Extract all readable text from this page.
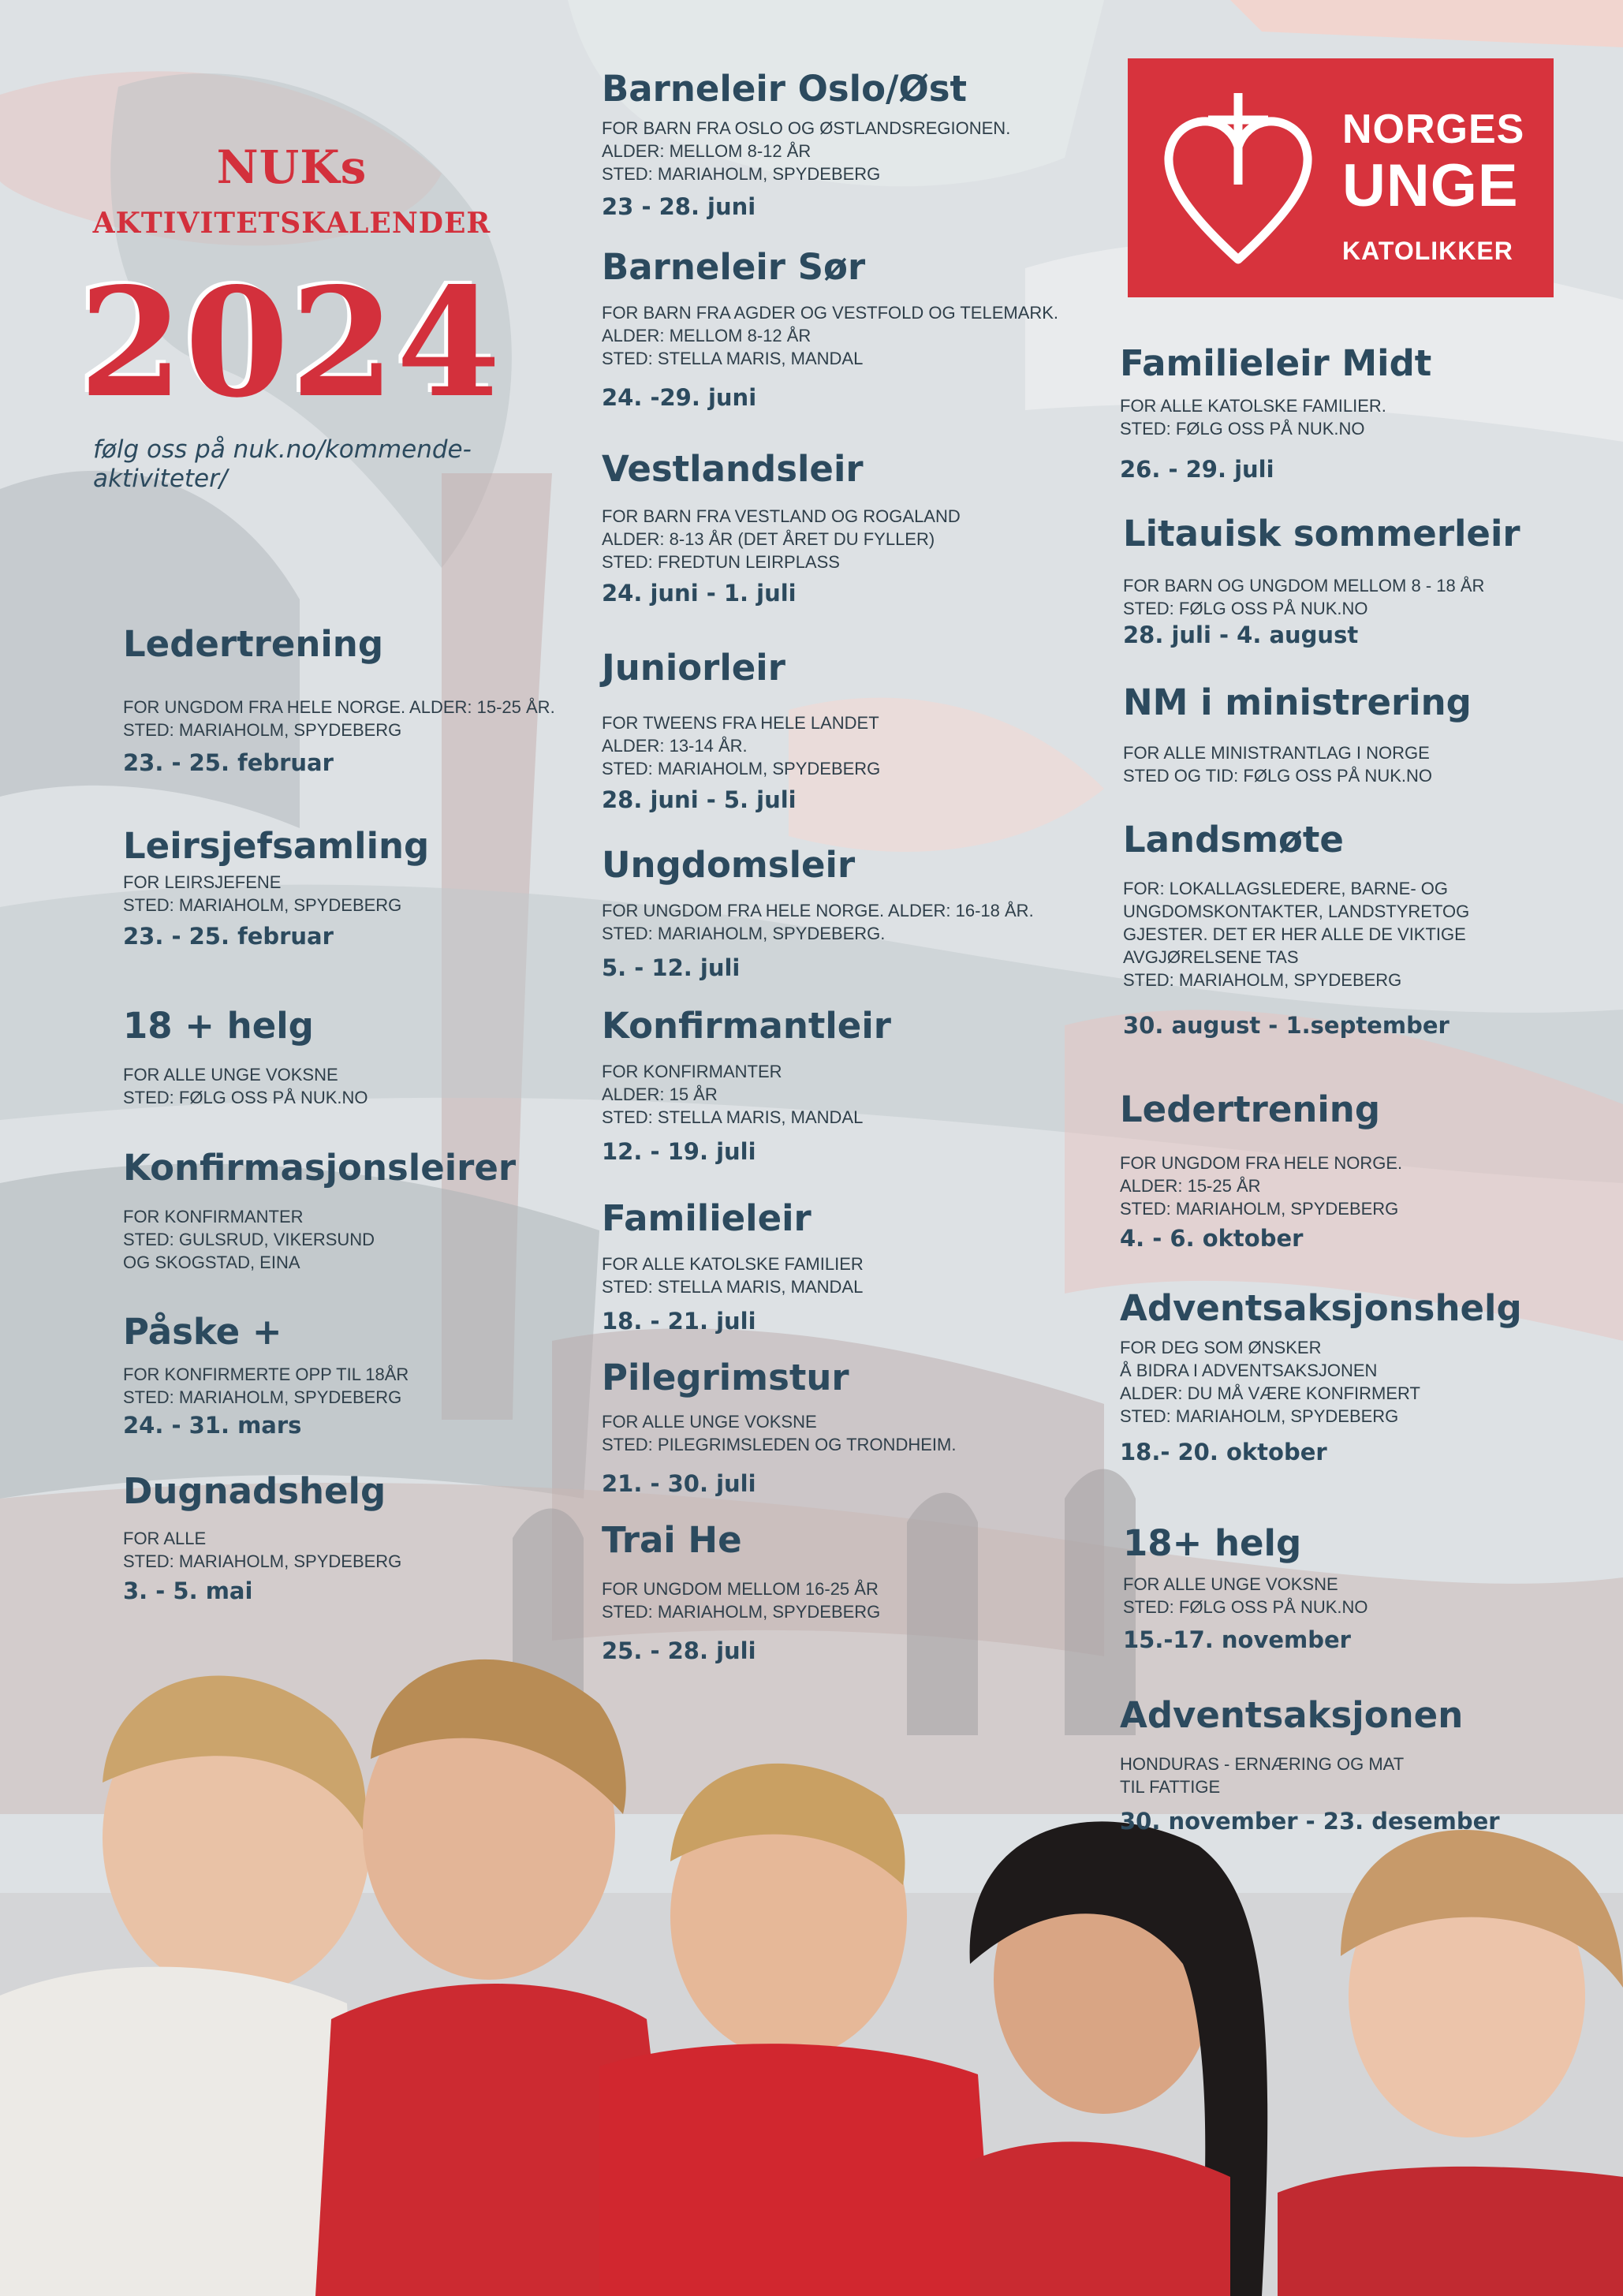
NUKs
AKTIVITETSKALENDER
2024
følg oss på nuk.no/kommende-aktiviteter/
NORGES
UNGE
KATOLIKKER
Ledertrening
FOR UNGDOM FRA HELE NORGE. ALDER: 15-25 ÅR.
STED: MARIAHOLM, SPYDEBERG
23. - 25. februar
Leirsjefsamling
FOR LEIRSJEFENE
STED: MARIAHOLM, SPYDEBERG
23. - 25. februar
18 + helg
FOR ALLE UNGE VOKSNE
STED: FØLG OSS PÅ NUK.NO
Konfirmasjonsleirer
FOR KONFIRMANTER
STED: GULSRUD, VIKERSUND
OG SKOGSTAD, EINA
Påske +
FOR KONFIRMERTE OPP TIL 18ÅR
STED: MARIAHOLM, SPYDEBERG
24. - 31. mars
Dugnadshelg
FOR ALLE
STED: MARIAHOLM, SPYDEBERG
3. - 5. mai
Barneleir Oslo/Øst
FOR BARN FRA OSLO OG ØSTLANDSREGIONEN.
ALDER: MELLOM 8-12 ÅR
STED: MARIAHOLM, SPYDEBERG
23 - 28. juni
Barneleir Sør
FOR BARN FRA AGDER OG VESTFOLD OG TELEMARK.
ALDER: MELLOM 8-12 ÅR
STED: STELLA MARIS, MANDAL
24. -29. juni
Vestlandsleir
FOR BARN FRA VESTLAND OG ROGALAND
ALDER: 8-13 ÅR (DET ÅRET DU FYLLER)
STED: FREDTUN LEIRPLASS
24. juni - 1. juli
Juniorleir
FOR TWEENS FRA HELE LANDET
ALDER: 13-14 ÅR.
STED: MARIAHOLM, SPYDEBERG
28. juni - 5. juli
Ungdomsleir
FOR UNGDOM FRA HELE NORGE. ALDER: 16-18 ÅR.
STED: MARIAHOLM, SPYDEBERG.
5. - 12. juli
Konfirmantleir
FOR KONFIRMANTER
ALDER: 15 ÅR
STED: STELLA MARIS, MANDAL
12. - 19. juli
Familieleir
FOR ALLE KATOLSKE FAMILIER
STED: STELLA MARIS, MANDAL
18. - 21. juli
Pilegrimstur
FOR ALLE UNGE VOKSNE
STED: PILEGRIMSLEDEN OG TRONDHEIM.
21. - 30. juli
Trai He
FOR UNGDOM MELLOM 16-25 ÅR
STED: MARIAHOLM, SPYDEBERG
25. - 28. juli
Familieleir Midt
FOR ALLE KATOLSKE FAMILIER.
STED: FØLG OSS PÅ NUK.NO
26. - 29. juli
Litauisk sommerleir
FOR BARN OG UNGDOM MELLOM 8 - 18 ÅR
STED: FØLG OSS PÅ NUK.NO
28. juli - 4. august
NM i ministrering
FOR ALLE MINISTRANTLAG I NORGE
STED OG TID: FØLG OSS PÅ NUK.NO
Landsmøte
FOR: LOKALLAGSLEDERE, BARNE- OG
UNGDOMSKONTAKTER, LANDSTYRETOG
GJESTER. DET ER HER ALLE DE VIKTIGE
AVGJØRELSENE TAS
STED: MARIAHOLM, SPYDEBERG
30. august - 1.september
Ledertrening
FOR UNGDOM FRA HELE NORGE.
ALDER: 15-25 ÅR
STED: MARIAHOLM, SPYDEBERG
4. - 6. oktober
Adventsaksjonshelg
FOR DEG SOM ØNSKER
Å BIDRA I ADVENTSAKSJONEN
ALDER: DU MÅ VÆRE KONFIRMERT
STED: MARIAHOLM, SPYDEBERG
18.- 20. oktober
18+ helg
FOR ALLE UNGE VOKSNE
STED: FØLG OSS PÅ NUK.NO
15.-17. november
Adventsaksjonen
HONDURAS - ERNÆRING OG MAT
TIL FATTIGE
30. november - 23. desember
